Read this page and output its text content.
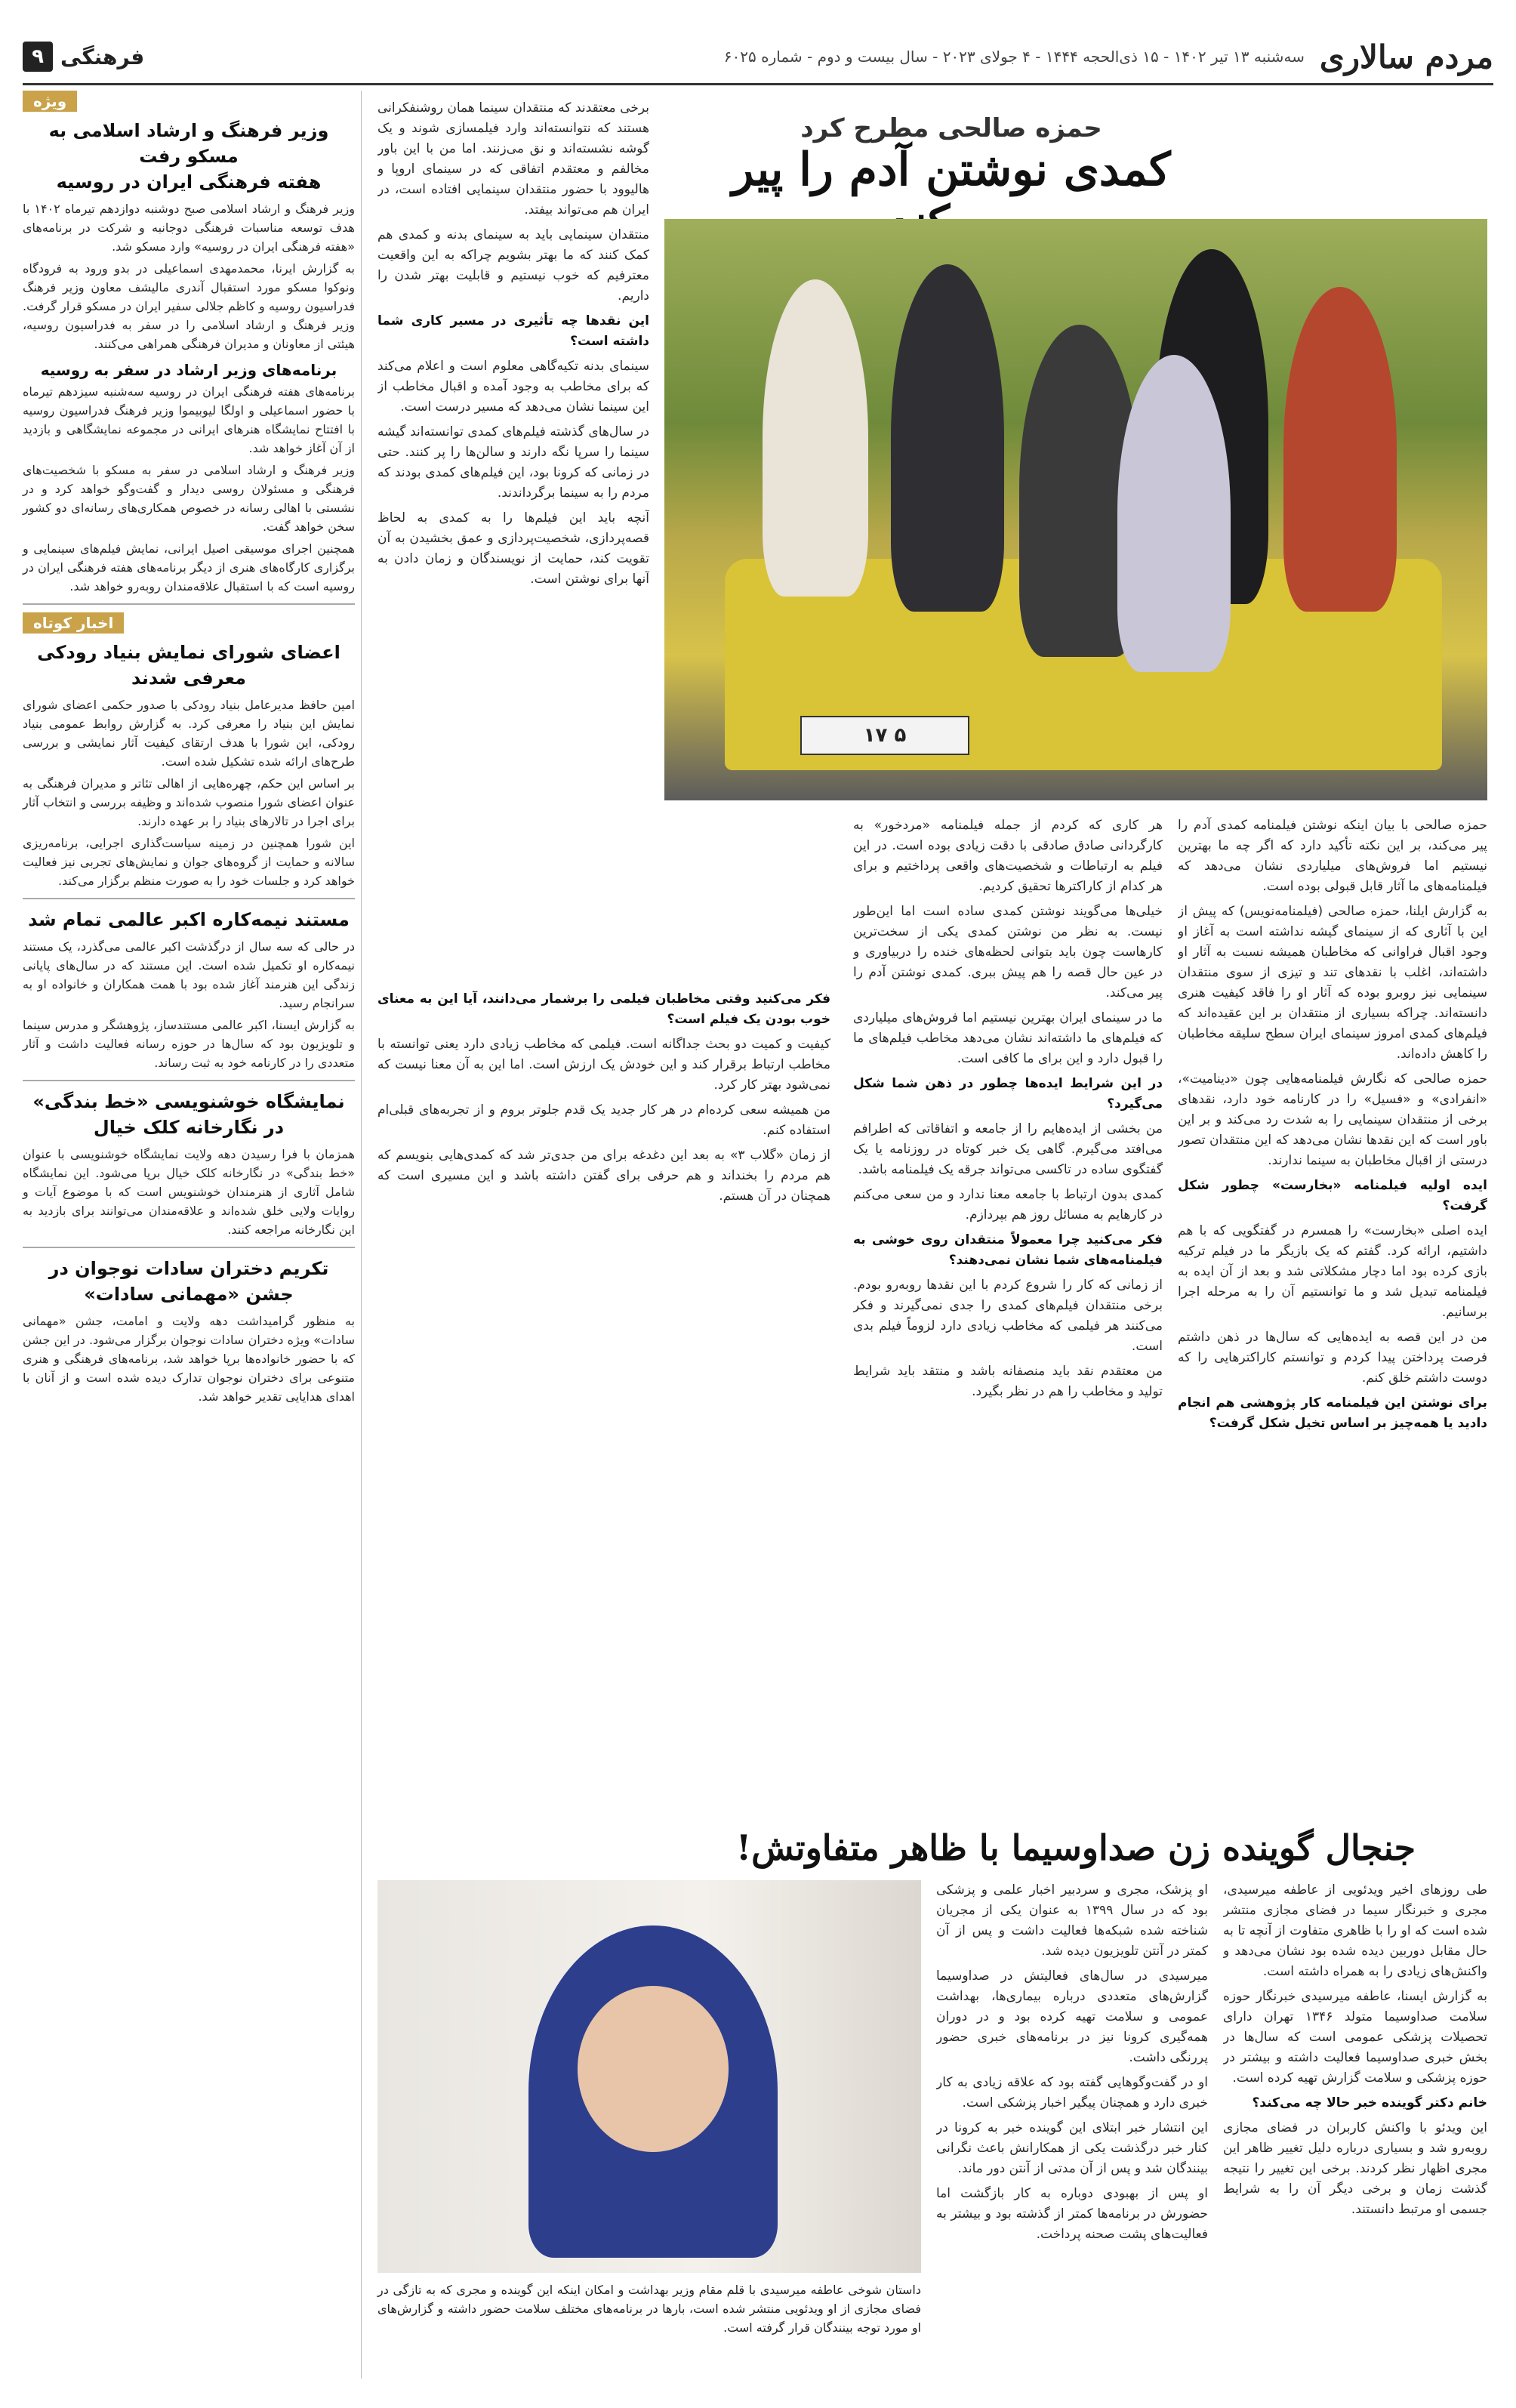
مردم سالاری
سه‌شنبه ۱۳ تیر ۱۴۰۲ - ۱۵ ذی‌الحجه ۱۴۴۴ - ۴ جولای ۲۰۲۳ - سال بیست و دوم - شماره ۶۰۲۵
فرهنگی
۹
حمزه صالحی مطرح کرد
کمدی نوشتن آدم را پیر

برخی معتقدند که منتقدان سینما همان روشنفکرانی هستند که نتوانسته‌اند وارد فیلمسازی شوند و یک گوشه نشسته‌اند و نق می‌زنند. اما من با این باور مخالفم و معتقدم اتفاقی که در سینمای اروپا و هالیوود با حضور منتقدان سینمایی افتاده است، در ایران هم می‌تواند بیفتد.

منتقدان سینمایی باید به سینمای بدنه و کمدی هم کمک کنند که ما بهتر بشویم چراکه به این واقعیت معترفیم که خوب نیستیم و قابلیت بهتر شدن را داریم.

این نقدها چه تأثیری در مسیر کاری شما داشته است؟

سینمای بدنه تکیه‌گاهی معلوم است و اعلام می‌کند که برای مخاطب به وجود آمده و اقبال مخاطب از این سینما نشان می‌دهد که مسیر درست است.

در سال‌های گذشته فیلم‌های کمدی توانسته‌اند گیشه سینما را سرپا نگه دارند و سالن‌ها را پر کنند. حتی در زمانی که کرونا بود، این فیلم‌های کمدی بودند که مردم را به سینما برگرداندند.

آنچه باید این فیلم‌ها را به کمدی به لحاظ قصه‌پردازی، شخصیت‌پردازی و عمق بخشیدن به آن تقویت کند، حمایت از نویسندگان و زمان دادن به آنها برای نوشتن است.

۱۷ ۵

حمزه صالحی با بیان اینکه نوشتن فیلمنامه کمدی آدم را پیر می‌کند، بر این نکته تأکید دارد که اگر چه ما بهترین نیستیم اما فروش‌های میلیاردی نشان می‌دهد که فیلمنامه‌های ما آثار قابل قبولی بوده است.

به گزارش ایلنا، حمزه صالحی (فیلمنامه‌نویس) که پیش از این با آثاری که از سینمای گیشه نداشته است به آغاز او وجود اقبال فراوانی که مخاطبان همیشه نسبت به آثار او داشته‌اند، اغلب با نقدهای تند و تیزی از سوی منتقدان سینمایی نیز روبرو بوده که آثار او را فاقد کیفیت هنری دانسته‌اند. چراکه بسیاری از منتقدان بر این عقیده‌اند که فیلم‌های کمدی امروز سینمای ایران سطح سلیقه مخاطبان را کاهش داده‌اند.

حمزه صالحی که نگارش فیلمنامه‌هایی چون «دینامیت»، «انفرادی» و «فسیل» را در کارنامه خود دارد، نقدهای برخی از منتقدان سینمایی را به شدت رد می‌کند و بر این باور است که این نقدها نشان می‌دهد که این منتقدان تصور درستی از اقبال مخاطبان به سینما ندارند.

ایده اولیه فیلمنامه «بخارست» چطور شکل گرفت؟

ایده اصلی «بخارست» را همسرم در گفتگویی که با هم داشتیم، ارائه کرد. گفتم که یک بازیگر ما در فیلم ترکیه بازی کرده بود اما دچار مشکلاتی شد و بعد از آن ایده به فیلمنامه تبدیل شد و ما توانستیم آن را به مرحله اجرا برسانیم.

من در این قصه به ایده‌هایی که سال‌ها در ذهن داشتم فرصت پرداختن پیدا کردم و توانستم کاراکترهایی را که دوست داشتم خلق کنم.

برای نوشتن این فیلمنامه کار پژوهشی هم انجام دادید یا همه‌چیز بر اساس تخیل شکل گرفت؟

هر کاری که کردم از جمله فیلمنامه «مردخور» به کارگردانی صادق صادقی با دقت زیادی بوده است. در این فیلم به ارتباطات و شخصیت‌های واقعی پرداختیم و برای هر کدام از کاراکترها تحقیق کردیم.

خیلی‌ها می‌گویند نوشتن کمدی ساده است اما این‌طور نیست. به نظر من نوشتن کمدی یکی از سخت‌ترین کارهاست چون باید بتوانی لحظه‌های خنده را دربیاوری و در عین حال قصه را هم پیش ببری. کمدی نوشتن آدم را پیر می‌کند.

ما در سینمای ایران بهترین نیستیم اما فروش‌های میلیاردی که فیلم‌های ما داشته‌اند نشان می‌دهد مخاطب فیلم‌های ما را قبول دارد و این برای ما کافی است.

در این شرایط ایده‌ها چطور در ذهن شما شکل می‌گیرد؟

من بخشی از ایده‌هایم را از جامعه و اتفاقاتی که اطرافم می‌افتد می‌گیرم. گاهی یک خبر کوتاه در روزنامه یا یک گفتگوی ساده در تاکسی می‌تواند جرقه یک فیلمنامه باشد.

کمدی بدون ارتباط با جامعه معنا ندارد و من سعی می‌کنم در کارهایم به مسائل روز هم بپردازم.

فکر می‌کنید چرا معمولاً منتقدان روی خوشی به فیلمنامه‌های شما نشان نمی‌دهند؟

از زمانی که کار را شروع کردم با این نقدها روبه‌رو بودم. برخی منتقدان فیلم‌های کمدی را جدی نمی‌گیرند و فکر می‌کنند هر فیلمی که مخاطب زیادی دارد لزوماً فیلم بدی است.

من معتقدم نقد باید منصفانه باشد و منتقد باید شرایط تولید و مخاطب را هم در نظر بگیرد.

فکر می‌کنید وقتی مخاطبان فیلمی را برشمار می‌دانند، آیا این به معنای خوب بودن یک فیلم است؟

کیفیت و کمیت دو بحث جداگانه است. فیلمی که مخاطب زیادی دارد یعنی توانسته با مخاطب ارتباط برقرار کند و این خودش یک ارزش است. اما این به آن معنا نیست که نمی‌شود بهتر کار کرد.

من همیشه سعی کرده‌ام در هر کار جدید یک قدم جلوتر بروم و از تجربه‌های قبلی‌ام استفاده کنم.

از زمان «گلاب ۳» به بعد این دغدغه برای من جدی‌تر شد که کمدی‌هایی بنویسم که هم مردم را بخنداند و هم حرفی برای گفتن داشته باشد و این مسیری است که همچنان در آن هستم.

ویژه
وزیر فرهنگ و ارشاد اسلامی به مسکو رفت
هفته فرهنگی ایران در روسیه

وزیر فرهنگ و ارشاد اسلامی صبح دوشنبه دوازدهم تیرماه ۱۴۰۲ با هدف توسعه مناسبات فرهنگی دوجانبه و شرکت در برنامه‌های «هفته فرهنگی ایران در روسیه» وارد مسکو شد.

به گزارش ایرنا، محمدمهدی اسماعیلی در بدو ورود به فرودگاه ونوکوا مسکو مورد استقبال آندری مالیشف معاون وزیر فرهنگ فدراسیون روسیه و کاظم جلالی سفیر ایران در مسکو قرار گرفت. وزیر فرهنگ و ارشاد اسلامی را در سفر به فدراسیون روسیه، هیئتی از معاونان و مدیران فرهنگی همراهی می‌کنند.

برنامه‌های وزیر ارشاد در سفر به روسیه

برنامه‌های هفته فرهنگی ایران در روسیه سه‌شنبه سیزدهم تیرماه با حضور اسماعیلی و اولگا لیوبیموا وزیر فرهنگ فدراسیون روسیه با افتتاح نمایشگاه هنرهای ایرانی در مجموعه نمایشگاهی و بازدید از آن آغاز خواهد شد.

وزیر فرهنگ و ارشاد اسلامی در سفر به مسکو با شخصیت‌های فرهنگی و مسئولان روسی دیدار و گفت‌وگو خواهد کرد و در نشستی با اهالی رسانه در خصوص همکاری‌های رسانه‌ای دو کشور سخن خواهد گفت.

همچنین اجرای موسیقی اصیل ایرانی، نمایش فیلم‌های سینمایی و برگزاری کارگاه‌های هنری از دیگر برنامه‌های هفته فرهنگی ایران در روسیه است که با استقبال علاقه‌مندان روبه‌رو خواهد شد.

اخبار کوتاه
اعضای شورای نمایش بنیاد رودکی معرفی شدند

امین حافظ مدیرعامل بنیاد رودکی با صدور حکمی اعضای شورای نمایش این بنیاد را معرفی کرد. به گزارش روابط عمومی بنیاد رودکی، این شورا با هدف ارتقای کیفیت آثار نمایشی و بررسی طرح‌های ارائه شده تشکیل شده است.

بر اساس این حکم، چهره‌هایی از اهالی تئاتر و مدیران فرهنگی به عنوان اعضای شورا منصوب شده‌اند و وظیفه بررسی و انتخاب آثار برای اجرا در تالارهای بنیاد را بر عهده دارند.

این شورا همچنین در زمینه سیاست‌گذاری اجرایی، برنامه‌ریزی سالانه و حمایت از گروه‌های جوان و نمایش‌های تجربی نیز فعالیت خواهد کرد و جلسات خود را به صورت منظم برگزار می‌کند.

مستند نیمه‌کاره اکبر عالمی تمام شد

در حالی که سه سال از درگذشت اکبر عالمی می‌گذرد، یک مستند نیمه‌کاره او تکمیل شده است. این مستند که در سال‌های پایانی زندگی این هنرمند آغاز شده بود با همت همکاران و خانواده او به سرانجام رسید.

به گزارش ایسنا، اکبر عالمی مستندساز، پژوهشگر و مدرس سینما و تلویزیون بود که سال‌ها در حوزه رسانه فعالیت داشت و آثار متعددی را در کارنامه خود به ثبت رساند.

نمایشگاه خوشنویسی «خط بندگی» در نگارخانه کلک خیال

همزمان با فرا رسیدن دهه ولایت نمایشگاه خوشنویسی با عنوان «خط بندگی» در نگارخانه کلک خیال برپا می‌شود. این نمایشگاه شامل آثاری از هنرمندان خوشنویس است که با موضوع آیات و روایات ولایی خلق شده‌اند و علاقه‌مندان می‌توانند برای بازدید به این نگارخانه مراجعه کنند.

تکریم دختران سادات نوجوان در جشن «مهمانی سادات»

به منظور گرامیداشت دهه ولایت و امامت، جشن «مهمانی سادات» ویژه دختران سادات نوجوان برگزار می‌شود. در این جشن که با حضور خانواده‌ها برپا خواهد شد، برنامه‌های فرهنگی و هنری متنوعی برای دختران نوجوان تدارک دیده شده است و از آنان با اهدای هدایایی تقدیر خواهد شد.

جنجال گوینده زن صداوسیما با ظاهر متفاوتش!

طی روزهای اخیر ویدئویی از عاطفه میرسیدی، مجری و خبرنگار سیما در فضای مجازی منتشر شده است که او را با ظاهری متفاوت از آنچه تا به حال مقابل دوربین دیده شده بود نشان می‌دهد و واکنش‌های زیادی را به همراه داشته است.

به گزارش ایسنا، عاطفه میرسیدی خبرنگار حوزه سلامت صداوسیما متولد ۱۳۴۶ تهران دارای تحصیلات پزشکی عمومی است که سال‌ها در بخش خبری صداوسیما فعالیت داشته و بیشتر در حوزه پزشکی و سلامت گزارش تهیه کرده است.

خانم دکتر گوینده خبر حالا چه می‌کند؟

این ویدئو با واکنش کاربران در فضای مجازی روبه‌رو شد و بسیاری درباره دلیل تغییر ظاهر این مجری اظهار نظر کردند. برخی این تغییر را نتیجه گذشت زمان و برخی دیگر آن را به شرایط جسمی او مرتبط دانستند.

او پزشک، مجری و سردبیر اخبار علمی و پزشکی بود که در سال ۱۳۹۹ به عنوان یکی از مجریان شناخته شده شبکه‌ها فعالیت داشت و پس از آن کمتر در آنتن تلویزیون دیده شد.

میرسیدی در سال‌های فعالیتش در صداوسیما گزارش‌های متعددی درباره بیماری‌ها، بهداشت عمومی و سلامت تهیه کرده بود و در دوران همه‌گیری کرونا نیز در برنامه‌های خبری حضور پررنگی داشت.

او در گفت‌وگوهایی گفته بود که علاقه زیادی به کار خبری دارد و همچنان پیگیر اخبار پزشکی است.

این انتشار خبر ابتلای این گوینده خبر به کرونا در کنار خبر درگذشت یکی از همکارانش باعث نگرانی بینندگان شد و پس از آن مدتی از آنتن دور ماند.

او پس از بهبودی دوباره به کار بازگشت اما حضورش در برنامه‌ها کمتر از گذشته بود و بیشتر به فعالیت‌های پشت صحنه پرداخت.

داستان شوخی عاطفه میرسیدی با قلم مقام وزیر بهداشت و امکان اینکه این گوینده و مجری که به تازگی در فضای مجازی از او ویدئویی منتشر شده است، بارها در برنامه‌های مختلف سلامت حضور داشته و گزارش‌های او مورد توجه بینندگان قرار گرفته است.
